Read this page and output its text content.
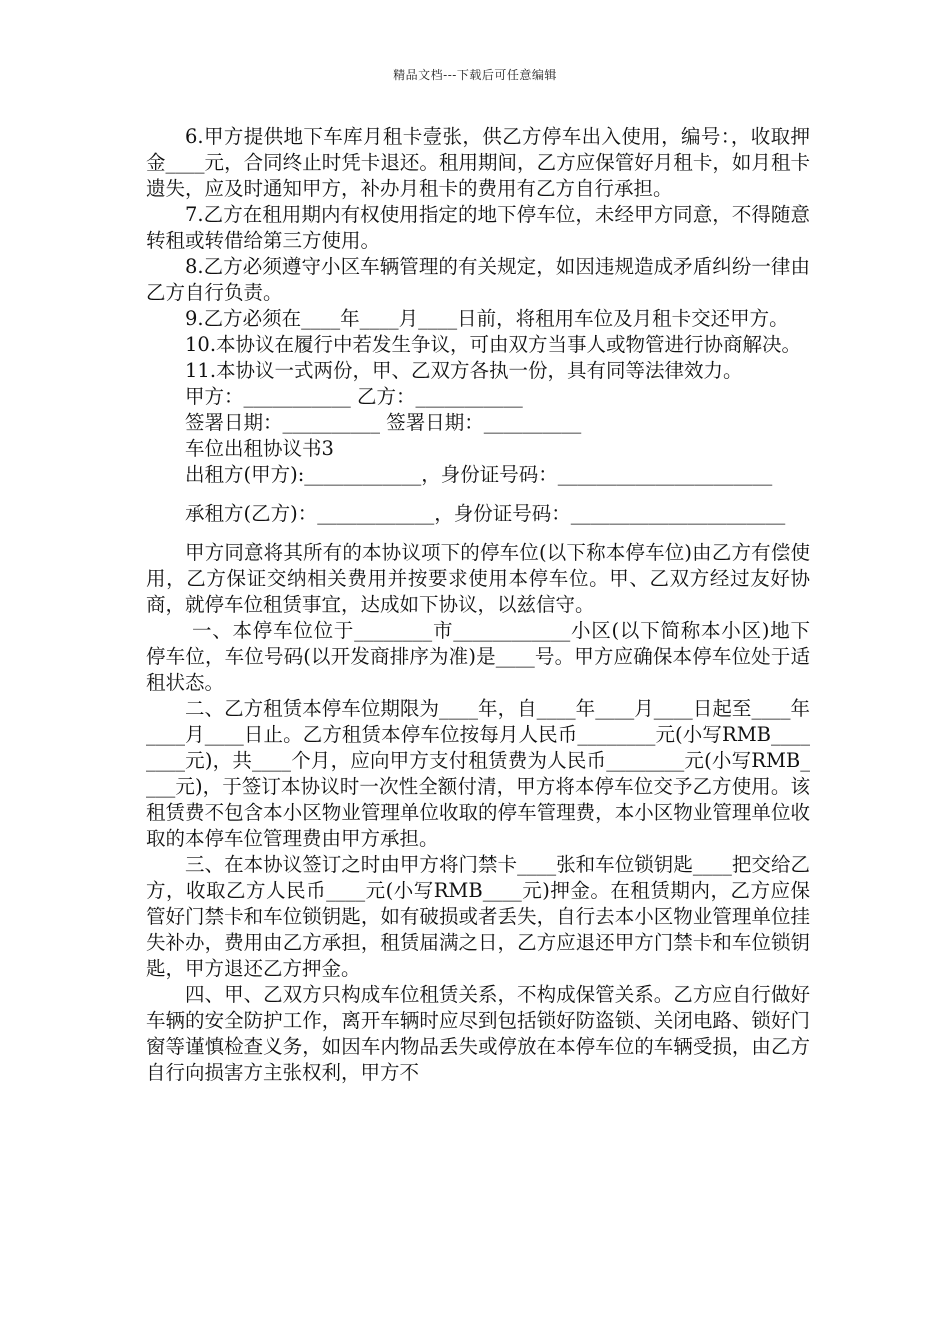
精品文档---下载后可任意编辑

6.甲方提供地下车库月租卡壹张，供乙方停车出入使用，编号：，收取押金____元，合同终止时凭卡退还。租用期间，乙方应保管好月租卡，如月租卡遗失，应及时通知甲方，补办月租卡的费用有乙方自行承担。

7.乙方在租用期内有权使用指定的地下停车位，未经甲方同意，不得随意转租或转借给第三方使用。

8.乙方必须遵守小区车辆管理的有关规定，如因违规造成矛盾纠纷一律由乙方自行负责。

9.乙方必须在____年____月____日前，将租用车位及月租卡交还甲方。

10.本协议在履行中若发生争议，可由双方当事人或物管进行协商解决。

11.本协议一式两份，甲、乙双方各执一份，具有同等法律效力。

甲方：___________ 乙方：___________

签署日期：__________ 签署日期：__________

车位出租协议书3

出租方(甲方):____________，身份证号码：______________________

承租方(乙方)：____________，身份证号码：______________________

甲方同意将其所有的本协议项下的停车位(以下称本停车位)由乙方有偿使用，乙方保证交纳相关费用并按要求使用本停车位。甲、乙双方经过友好协商，就停车位租赁事宜，达成如下协议，以兹信守。

一、本停车位位于________市____________小区(以下简称本小区)地下停车位，车位号码(以开发商排序为准)是____号。甲方应确保本停车位处于适租状态。

二、乙方租赁本停车位期限为____年，自____年____月____日起至____年____月____日止。乙方租赁本停车位按每月人民币________元(小写RMB________元)，共____个月，应向甲方支付租赁费为人民币________元(小写RMB____元)，于签订本协议时一次性全额付清，甲方将本停车位交予乙方使用。该租赁费不包含本小区物业管理单位收取的停车管理费，本小区物业管理单位收取的本停车位管理费由甲方承担。

三、在本协议签订之时由甲方将门禁卡____张和车位锁钥匙____把交给乙方，收取乙方人民币____元(小写RMB____元)押金。在租赁期内，乙方应保管好门禁卡和车位锁钥匙，如有破损或者丢失，自行去本小区物业管理单位挂失补办，费用由乙方承担，租赁届满之日，乙方应退还甲方门禁卡和车位锁钥匙，甲方退还乙方押金。

四、甲、乙双方只构成车位租赁关系，不构成保管关系。乙方应自行做好车辆的安全防护工作，离开车辆时应尽到包括锁好防盗锁、关闭电路、锁好门窗等谨慎检查义务，如因车内物品丢失或停放在本停车位的车辆受损，由乙方自行向损害方主张权利，甲方不
